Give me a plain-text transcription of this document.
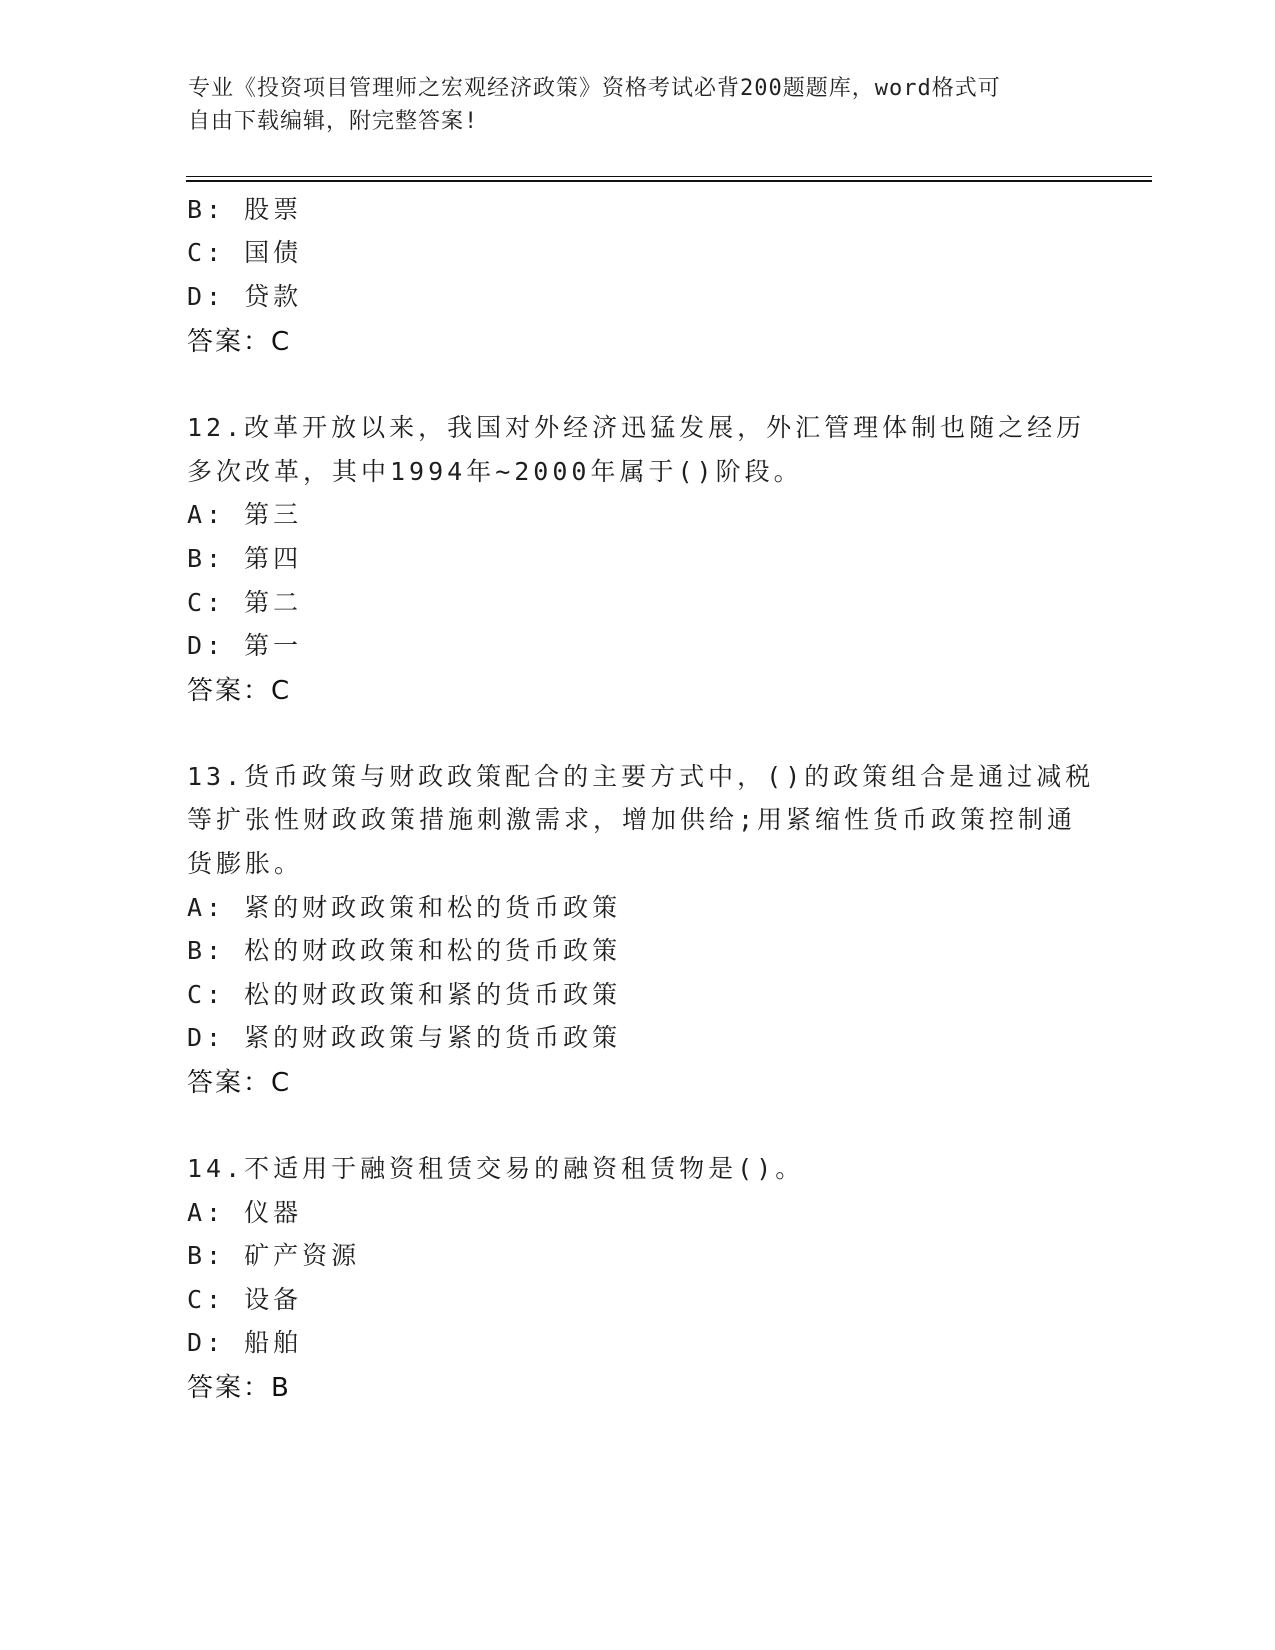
专业《投资项目管理师之宏观经济政策》资格考试必背200题题库，word格式可
自由下载编辑，附完整答案!
B: 股票
C: 国债
D: 贷款
答案：C
12.改革开放以来，我国对外经济迅猛发展，外汇管理体制也随之经历
多次改革，其中1994年~2000年属于()阶段。
A: 第三
B: 第四
C: 第二
D: 第一
答案：C
13.货币政策与财政政策配合的主要方式中，()的政策组合是通过减税
等扩张性财政政策措施刺激需求，增加供给;用紧缩性货币政策控制通
货膨胀。
A: 紧的财政政策和松的货币政策
B: 松的财政政策和松的货币政策
C: 松的财政政策和紧的货币政策
D: 紧的财政政策与紧的货币政策
答案：C
14.不适用于融资租赁交易的融资租赁物是()。
A: 仪器
B: 矿产资源
C: 设备
D: 船舶
答案：B
